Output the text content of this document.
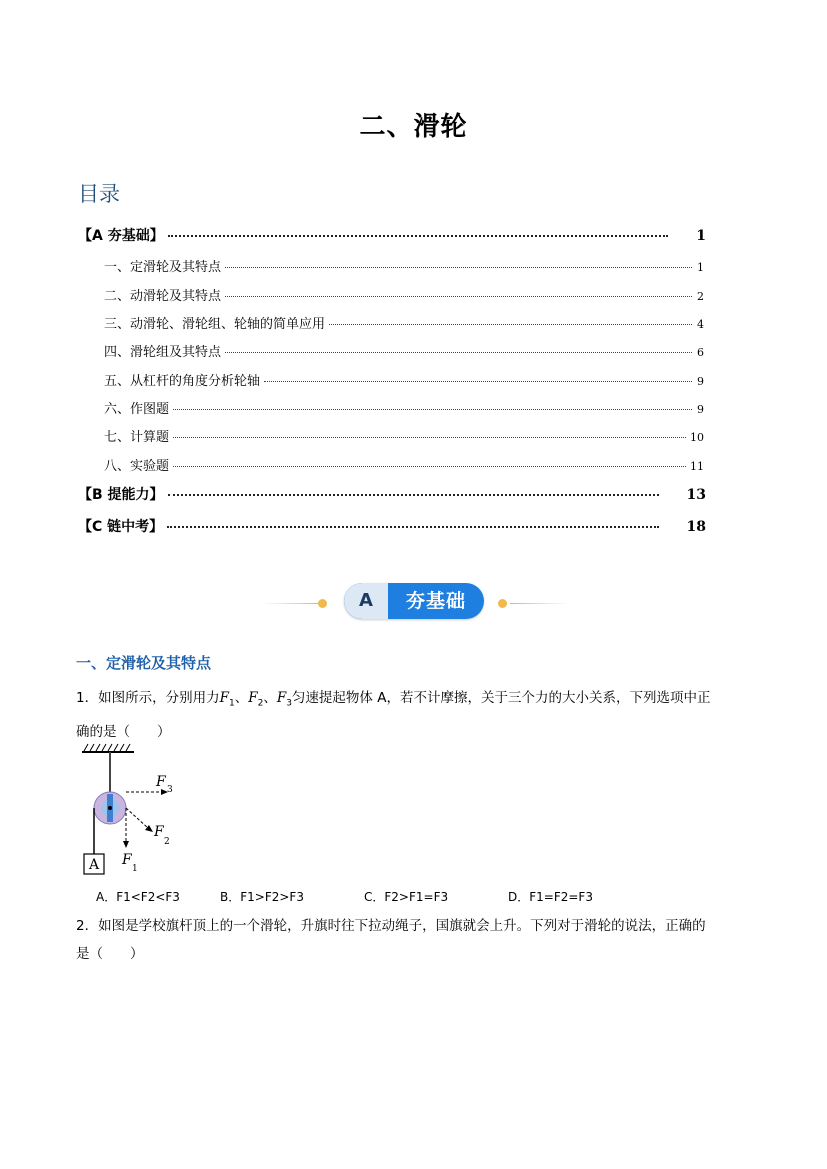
二、滑轮
目录
【A 夯基础】	1
一、定滑轮及其特点	1
二、动滑轮及其特点	2
三、动滑轮、滑轮组、轮轴的简单应用	4
四、滑轮组及其特点	6
五、从杠杆的角度分析轮轴	9
六、作图题	9
七、计算题	10
八、实验题	11
【B 提能力】	13
【C 链中考】	18
A	夯基础
一、定滑轮及其特点
1．如图所示，分别用力$F_1$、$F_2$、$F_3$匀速提起物体 A，若不计摩擦，关于三个力的大小关系，下列选项中正
确的是（　　）
A
F 3
F
2
F
1
A．F1<F2<F3	B．F1>F2>F3	C．F2>F1=F3	D．F1=F2=F3
2．如图是学校旗杆顶上的一个滑轮，升旗时往下拉动绳子，国旗就会上升。下列对于滑轮的说法，正确的
是（　　）
